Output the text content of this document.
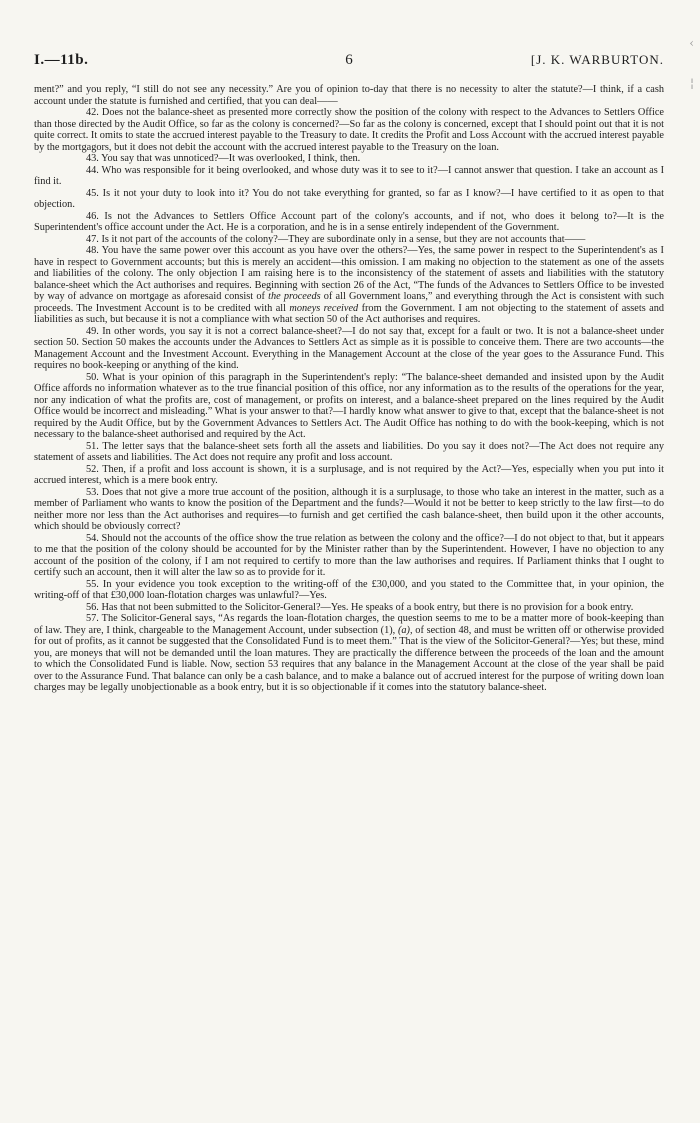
I.—11b.	6	[J. K. WARBURTON.
‹
¦

ment?” and you reply, “I still do not see any necessity.” Are you of opinion to-day that there is no necessity to alter the statute?—I think, if a cash account under the statute is furnished and certified, that you can deal——

42. Does not the balance-sheet as presented more correctly show the position of the colony with respect to the Advances to Settlers Office than those directed by the Audit Office, so far as the colony is concerned?—So far as the colony is concerned, except that I should point out that it is not quite correct. It omits to state the accrued interest payable to the Treasury to date. It credits the Profit and Loss Account with the accrued interest payable by the mortgagors, but it does not debit the account with the accrued interest payable to the Treasury on the loan.

43. You say that was unnoticed?—It was overlooked, I think, then.

44. Who was responsible for it being overlooked, and whose duty was it to see to it?—I cannot answer that question. I take an account as I find it.

45. Is it not your duty to look into it? You do not take everything for granted, so far as I know?—I have certified to it as open to that objection.

46. Is not the Advances to Settlers Office Account part of the colony's accounts, and if not, who does it belong to?—It is the Superintendent's office account under the Act. He is a corporation, and he is in a sense entirely independent of the Government.

47. Is it not part of the accounts of the colony?—They are subordinate only in a sense, but they are not accounts that——

48. You have the same power over this account as you have over the others?—Yes, the same power in respect to the Superintendent's as I have in respect to Government accounts; but this is merely an accident—this omission. I am making no objection to the statement as one of the assets and liabilities of the colony. The only objection I am raising here is to the inconsistency of the statement of assets and liabilities with the statutory balance-sheet which the Act authorises and requires. Beginning with section 26 of the Act, “The funds of the Advances to Settlers Office to be invested by way of advance on mortgage as aforesaid consist of the proceeds of all Government loans,” and everything through the Act is consistent with such proceeds. The Investment Account is to be credited with all moneys received from the Government. I am not objecting to the statement of assets and liabilities as such, but because it is not a compliance with what section 50 of the Act authorises and requires.

49. In other words, you say it is not a correct balance-sheet?—I do not say that, except for a fault or two. It is not a balance-sheet under section 50. Section 50 makes the accounts under the Advances to Settlers Act as simple as it is possible to conceive them. There are two accounts—the Management Account and the Investment Account. Everything in the Management Account at the close of the year goes to the Assurance Fund. This requires no book-keeping or anything of the kind.

50. What is your opinion of this paragraph in the Superintendent's reply: “The balance-sheet demanded and insisted upon by the Audit Office affords no information whatever as to the true financial position of this office, nor any information as to the results of the operations for the year, nor any indication of what the profits are, cost of management, or profits on interest, and a balance-sheet prepared on the lines required by the Audit Office would be incorrect and misleading.” What is your answer to that?—I hardly know what answer to give to that, except that the balance-sheet is not required by the Audit Office, but by the Government Advances to Settlers Act. The Audit Office has nothing to do with the book-keeping, which is not necessary to the balance-sheet authorised and required by the Act.

51. The letter says that the balance-sheet sets forth all the assets and liabilities. Do you say it does not?—The Act does not require any statement of assets and liabilities. The Act does not require any profit and loss account.

52. Then, if a profit and loss account is shown, it is a surplusage, and is not required by the Act?—Yes, especially when you put into it accrued interest, which is a mere book entry.

53. Does that not give a more true account of the position, although it is a surplusage, to those who take an interest in the matter, such as a member of Parliament who wants to know the position of the Department and the funds?—Would it not be better to keep strictly to the law first—to do neither more nor less than the Act authorises and requires—to furnish and get certified the cash balance-sheet, then build upon it the other accounts, which should be obviously correct?

54. Should not the accounts of the office show the true relation as between the colony and the office?—I do not object to that, but it appears to me that the position of the colony should be accounted for by the Minister rather than by the Superintendent. However, I have no objection to any account of the position of the colony, if I am not required to certify to more than the law authorises and requires. If Parliament thinks that I ought to certify such an account, then it will alter the law so as to provide for it.

55. In your evidence you took exception to the writing-off of the £30,000, and you stated to the Committee that, in your opinion, the writing-off of that £30,000 loan-flotation charges was unlawful?—Yes.

56. Has that not been submitted to the Solicitor-General?—Yes. He speaks of a book entry, but there is no provision for a book entry.

57. The Solicitor-General says, “As regards the loan-flotation charges, the question seems to me to be a matter more of book-keeping than of law. They are, I think, chargeable to the Management Account, under subsection (1), (a), of section 48, and must be written off or otherwise provided for out of profits, as it cannot be suggested that the Consolidated Fund is to meet them.” That is the view of the Solicitor-General?—Yes; but these, mind you, are moneys that will not be demanded until the loan matures. They are practically the difference between the proceeds of the loan and the amount to which the Consolidated Fund is liable. Now, section 53 requires that any balance in the Management Account at the close of the year shall be paid over to the Assurance Fund. That balance can only be a cash balance, and to make a balance out of accrued interest for the purpose of writing down loan charges may be legally unobjectionable as a book entry, but it is so objectionable if it comes into the statutory balance-sheet.
